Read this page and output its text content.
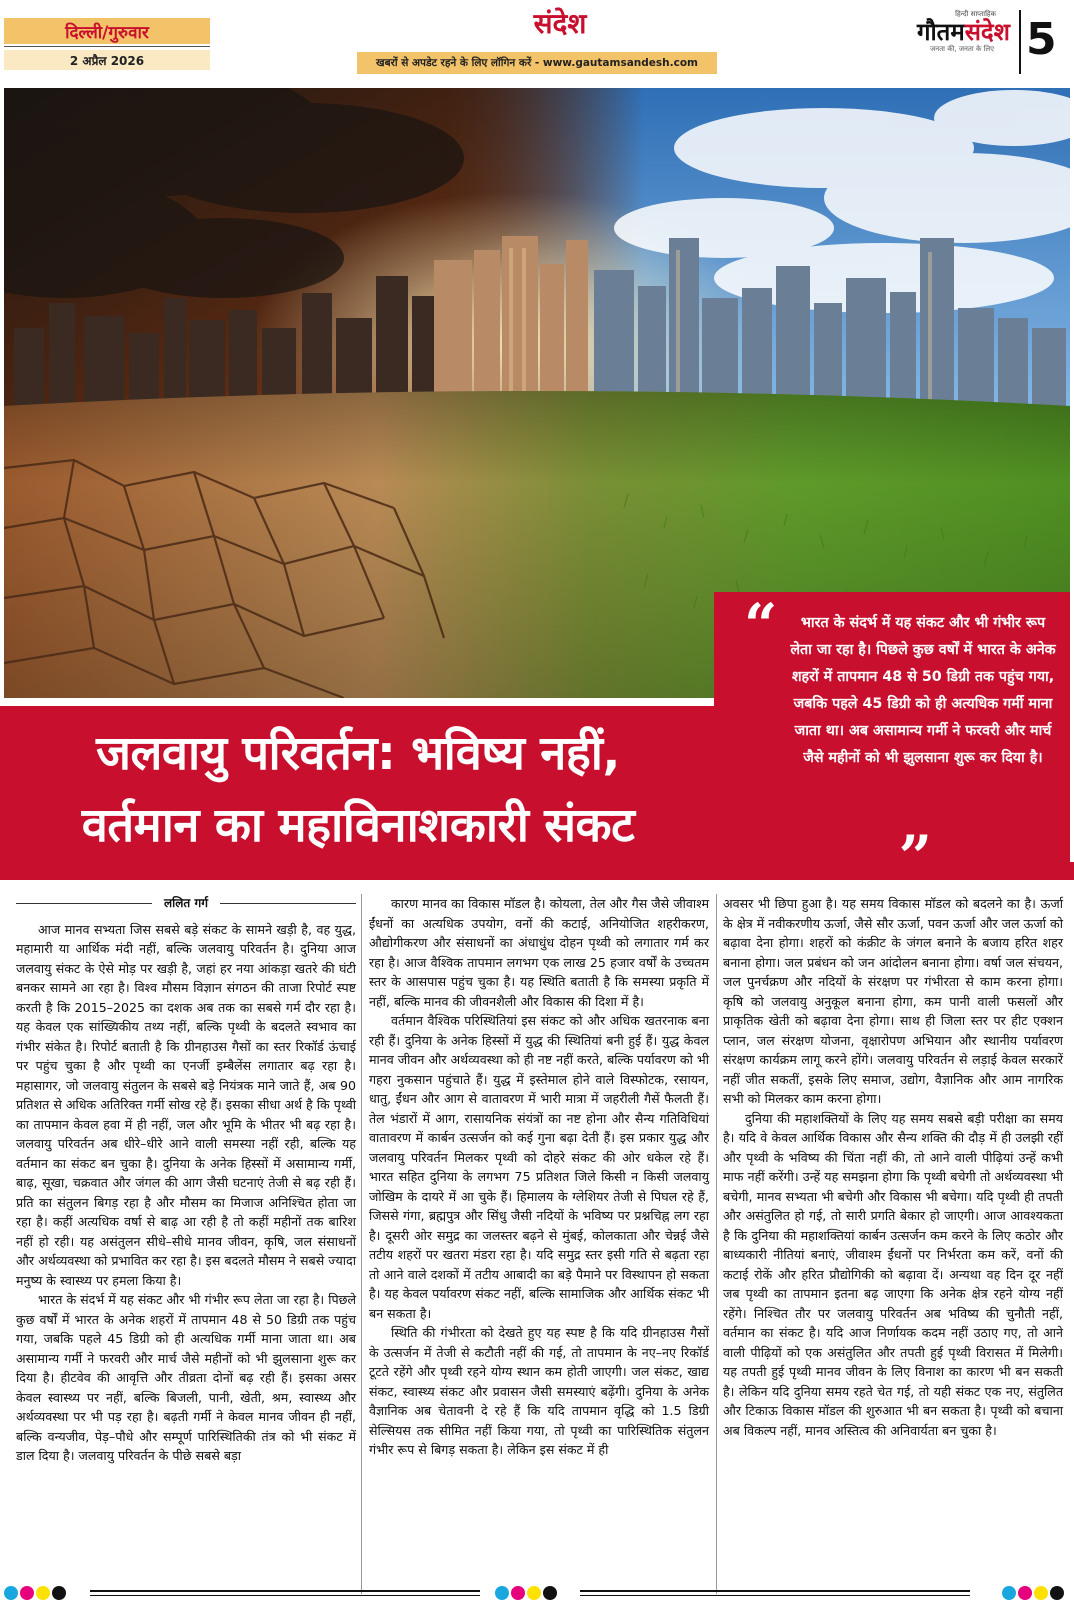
दिल्ली/गुरुवार
2 अप्रैल 2026
संदेश
खबरों से अपडेट रहने के लिए लॉगिन करें - www.gautamsandesh.com
हिन्दी साप्ताहिक
गौतमसंदेश
जनता की, जनता के लिए 5
जलवायु परिवर्तन: भविष्य नहीं,
वर्तमान का महाविनाशकारी संकट
“	भारत के संदर्भ में यह संकट और भी गंभीर रूप लेता जा रहा है। पिछले कुछ वर्षों में भारत के अनेक शहरों में तापमान 48 से 50 डिग्री तक पहुंच गया, जबकि पहले 45 डिग्री को ही अत्यधिक गर्मी माना जाता था। अब असामान्य गर्मी ने फरवरी और मार्च जैसे महीनों को भी झुलसाना शुरू कर दिया है।
”
ललित गर्ग

आज मानव सभ्यता जिस सबसे बड़े संकट के सामने खड़ी है, वह युद्ध, महामारी या आर्थिक मंदी नहीं, बल्कि जलवायु परिवर्तन है। दुनिया आज जलवायु संकट के ऐसे मोड़ पर खड़ी है, जहां हर नया आंकड़ा खतरे की घंटी बनकर सामने आ रहा है। विश्व मौसम विज्ञान संगठन की ताजा रिपोर्ट स्पष्ट करती है कि 2015–2025 का दशक अब तक का सबसे गर्म दौर रहा है। यह केवल एक सांख्यिकीय तथ्य नहीं, बल्कि पृथ्वी के बदलते स्वभाव का गंभीर संकेत है। रिपोर्ट बताती है कि ग्रीनहाउस गैसों का स्तर रिकॉर्ड ऊंचाई पर पहुंच चुका है और पृथ्वी का एनर्जी इम्बैलेंस लगातार बढ़ रहा है। महासागर, जो जलवायु संतुलन के सबसे बड़े नियंत्रक माने जाते हैं, अब 90 प्रतिशत से अधिक अतिरिक्त गर्मी सोख रहे हैं। इसका सीधा अर्थ है कि पृथ्वी का तापमान केवल हवा में ही नहीं, जल और भूमि के भीतर भी बढ़ रहा है। जलवायु परिवर्तन अब धीरे–धीरे आने वाली समस्या नहीं रही, बल्कि यह वर्तमान का संकट बन चुका है। दुनिया के अनेक हिस्सों में असामान्य गर्मी, बाढ़, सूखा, चक्रवात और जंगल की आग जैसी घटनाएं तेजी से बढ़ रही हैं। प्रति का संतुलन बिगड़ रहा है और मौसम का मिजाज अनिश्चित होता जा रहा है। कहीं अत्यधिक वर्षा से बाढ़ आ रही है तो कहीं महीनों तक बारिश नहीं हो रही। यह असंतुलन सीधे–सीधे मानव जीवन, कृषि, जल संसाधनों और अर्थव्यवस्था को प्रभावित कर रहा है। इस बदलते मौसम ने सबसे ज्यादा मनुष्य के स्वास्थ्य पर हमला किया है।

भारत के संदर्भ में यह संकट और भी गंभीर रूप लेता जा रहा है। पिछले कुछ वर्षों में भारत के अनेक शहरों में तापमान 48 से 50 डिग्री तक पहुंच गया, जबकि पहले 45 डिग्री को ही अत्यधिक गर्मी माना जाता था। अब असामान्य गर्मी ने फरवरी और मार्च जैसे महीनों को भी झुलसाना शुरू कर दिया है। हीटवेव की आवृत्ति और तीव्रता दोनों बढ़ रही हैं। इसका असर केवल स्वास्थ्य पर नहीं, बल्कि बिजली, पानी, खेती, श्रम, स्वास्थ्य और अर्थव्यवस्था पर भी पड़ रहा है। बढ़ती गर्मी ने केवल मानव जीवन ही नहीं, बल्कि वन्यजीव, पेड़–पौधे और सम्पूर्ण पारिस्थितिकी तंत्र को भी संकट में डाल दिया है। जलवायु परिवर्तन के पीछे सबसे बड़ा

कारण मानव का विकास मॉडल है। कोयला, तेल और गैस जैसे जीवाश्म ईंधनों का अत्यधिक उपयोग, वनों की कटाई, अनियोजित शहरीकरण, औद्योगीकरण और संसाधनों का अंधाधुंध दोहन पृथ्वी को लगातार गर्म कर रहा है। आज वैश्विक तापमान लगभग एक लाख 25 हजार वर्षों के उच्चतम स्तर के आसपास पहुंच चुका है। यह स्थिति बताती है कि समस्या प्रकृति में नहीं, बल्कि मानव की जीवनशैली और विकास की दिशा में है।

वर्तमान वैश्विक परिस्थितियां इस संकट को और अधिक खतरनाक बना रही हैं। दुनिया के अनेक हिस्सों में युद्ध की स्थितियां बनी हुई हैं। युद्ध केवल मानव जीवन और अर्थव्यवस्था को ही नष्ट नहीं करते, बल्कि पर्यावरण को भी गहरा नुकसान पहुंचाते हैं। युद्ध में इस्तेमाल होने वाले विस्फोटक, रसायन, धातु, ईंधन और आग से वातावरण में भारी मात्रा में जहरीली गैसें फैलती हैं। तेल भंडारों में आग, रासायनिक संयंत्रों का नष्ट होना और सैन्य गतिविधियां वातावरण में कार्बन उत्सर्जन को कई गुना बढ़ा देती हैं। इस प्रकार युद्ध और जलवायु परिवर्तन मिलकर पृथ्वी को दोहरे संकट की ओर धकेल रहे हैं। भारत सहित दुनिया के लगभग 75 प्रतिशत जिले किसी न किसी जलवायु जोखिम के दायरे में आ चुके हैं। हिमालय के ग्लेशियर तेजी से पिघल रहे हैं, जिससे गंगा, ब्रह्मपुत्र और सिंधु जैसी नदियों के भविष्य पर प्रश्नचिह्न लग रहा है। दूसरी ओर समुद्र का जलस्तर बढ़ने से मुंबई, कोलकाता और चेन्नई जैसे तटीय शहरों पर खतरा मंडरा रहा है। यदि समुद्र स्तर इसी गति से बढ़ता रहा तो आने वाले दशकों में तटीय आबादी का बड़े पैमाने पर विस्थापन हो सकता है। यह केवल पर्यावरण संकट नहीं, बल्कि सामाजिक और आर्थिक संकट भी बन सकता है।

स्थिति की गंभीरता को देखते हुए यह स्पष्ट है कि यदि ग्रीनहाउस गैसों के उत्सर्जन में तेजी से कटौती नहीं की गई, तो तापमान के नए–नए रिकॉर्ड टूटते रहेंगे और पृथ्वी रहने योग्य स्थान कम होती जाएगी। जल संकट, खाद्य संकट, स्वास्थ्य संकट और प्रवासन जैसी समस्याएं बढ़ेंगी। दुनिया के अनेक वैज्ञानिक अब चेतावनी दे रहे हैं कि यदि तापमान वृद्धि को 1.5 डिग्री सेल्सियस तक सीमित नहीं किया गया, तो पृथ्वी का पारिस्थितिक संतुलन गंभीर रूप से बिगड़ सकता है। लेकिन इस संकट में ही

अवसर भी छिपा हुआ है। यह समय विकास मॉडल को बदलने का है। ऊर्जा के क्षेत्र में नवीकरणीय ऊर्जा, जैसे सौर ऊर्जा, पवन ऊर्जा और जल ऊर्जा को बढ़ावा देना होगा। शहरों को कंक्रीट के जंगल बनाने के बजाय हरित शहर बनाना होगा। जल प्रबंधन को जन आंदोलन बनाना होगा। वर्षा जल संचयन, जल पुनर्चक्रण और नदियों के संरक्षण पर गंभीरता से काम करना होगा। कृषि को जलवायु अनुकूल बनाना होगा, कम पानी वाली फसलों और प्राकृतिक खेती को बढ़ावा देना होगा। साथ ही जिला स्तर पर हीट एक्शन प्लान, जल संरक्षण योजना, वृक्षारोपण अभियान और स्थानीय पर्यावरण संरक्षण कार्यक्रम लागू करने होंगे। जलवायु परिवर्तन से लड़ाई केवल सरकारें नहीं जीत सकतीं, इसके लिए समाज, उद्योग, वैज्ञानिक और आम नागरिक सभी को मिलकर काम करना होगा।

दुनिया की महाशक्तियों के लिए यह समय सबसे बड़ी परीक्षा का समय है। यदि वे केवल आर्थिक विकास और सैन्य शक्ति की दौड़ में ही उलझी रहीं और पृथ्वी के भविष्य की चिंता नहीं की, तो आने वाली पीढ़ियां उन्हें कभी माफ नहीं करेंगी। उन्हें यह समझना होगा कि पृथ्वी बचेगी तो अर्थव्यवस्था भी बचेगी, मानव सभ्यता भी बचेगी और विकास भी बचेगा। यदि पृथ्वी ही तपती और असंतुलित हो गई, तो सारी प्रगति बेकार हो जाएगी। आज आवश्यकता है कि दुनिया की महाशक्तियां कार्बन उत्सर्जन कम करने के लिए कठोर और बाध्यकारी नीतियां बनाएं, जीवाश्म ईंधनों पर निर्भरता कम करें, वनों की कटाई रोकें और हरित प्रौद्योगिकी को बढ़ावा दें। अन्यथा वह दिन दूर नहीं जब पृथ्वी का तापमान इतना बढ़ जाएगा कि अनेक क्षेत्र रहने योग्य नहीं रहेंगे। निश्चित तौर पर जलवायु परिवर्तन अब भविष्य की चुनौती नहीं, वर्तमान का संकट है। यदि आज निर्णायक कदम नहीं उठाए गए, तो आने वाली पीढ़ियों को एक असंतुलित और तपती हुई पृथ्वी विरासत में मिलेगी। यह तपती हुई पृथ्वी मानव जीवन के लिए विनाश का कारण भी बन सकती है। लेकिन यदि दुनिया समय रहते चेत गई, तो यही संकट एक नए, संतुलित और टिकाऊ विकास मॉडल की शुरुआत भी बन सकता है। पृथ्वी को बचाना अब विकल्प नहीं, मानव अस्तित्व की अनिवार्यता बन चुका है।
